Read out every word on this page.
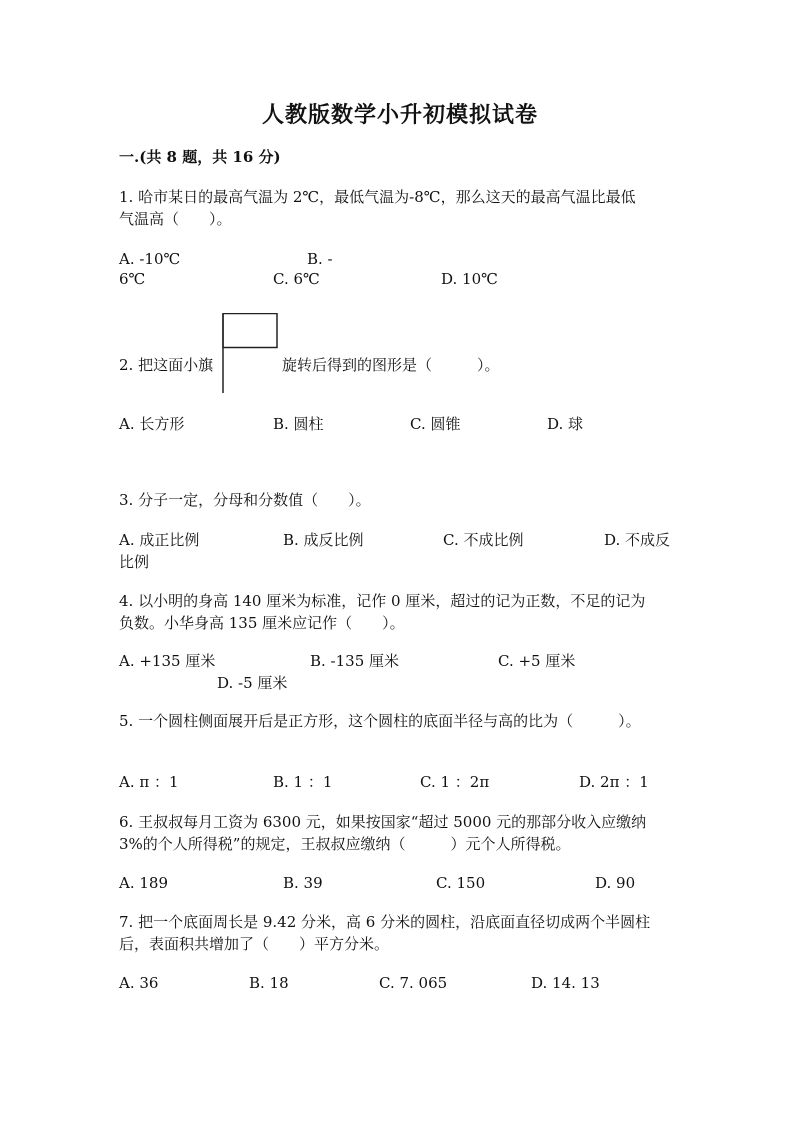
人教版数学小升初模拟试卷
一.(共 8 题，共 16 分)
1. 哈市某日的最高气温为 2℃，最低气温为-8℃，那么这天的最高气温比最低
气温高（　　）。
A. -10℃	B. -
6℃	C. 6℃	D. 10℃
2. 把这面小旗	旋转后得到的图形是（　　　）。
A. 长方形	B. 圆柱	C. 圆锥	D. 球
3. 分子一定，分母和分数值（　　）。
A. 成正比例	B. 成反比例	C. 不成比例	D. 不成反
比例
4. 以小明的身高 140 厘米为标准，记作 0 厘米，超过的记为正数，不足的记为
负数。小华身高 135 厘米应记作（　　）。
A. +135 厘米	B. -135 厘米	C. +5 厘米
D. -5 厘米
5. 一个圆柱侧面展开后是正方形，这个圆柱的底面半径与高的比为（　　　）。
A. π ：1	B. 1 ：1	C. 1 ：2π	D. 2π ：1
6. 王叔叔每月工资为 6300 元，如果按国家“超过 5000 元的那部分收入应缴纳
3%的个人所得税”的规定，王叔叔应缴纳（　　　）元个人所得税。
A. 189	B. 39	C. 150	D. 90
7. 把一个底面周长是 9.42 分米，高 6 分米的圆柱，沿底面直径切成两个半圆柱
后，表面积共增加了（　　）平方分米。
A. 36	B. 18	C. 7. 065	D. 14. 13
